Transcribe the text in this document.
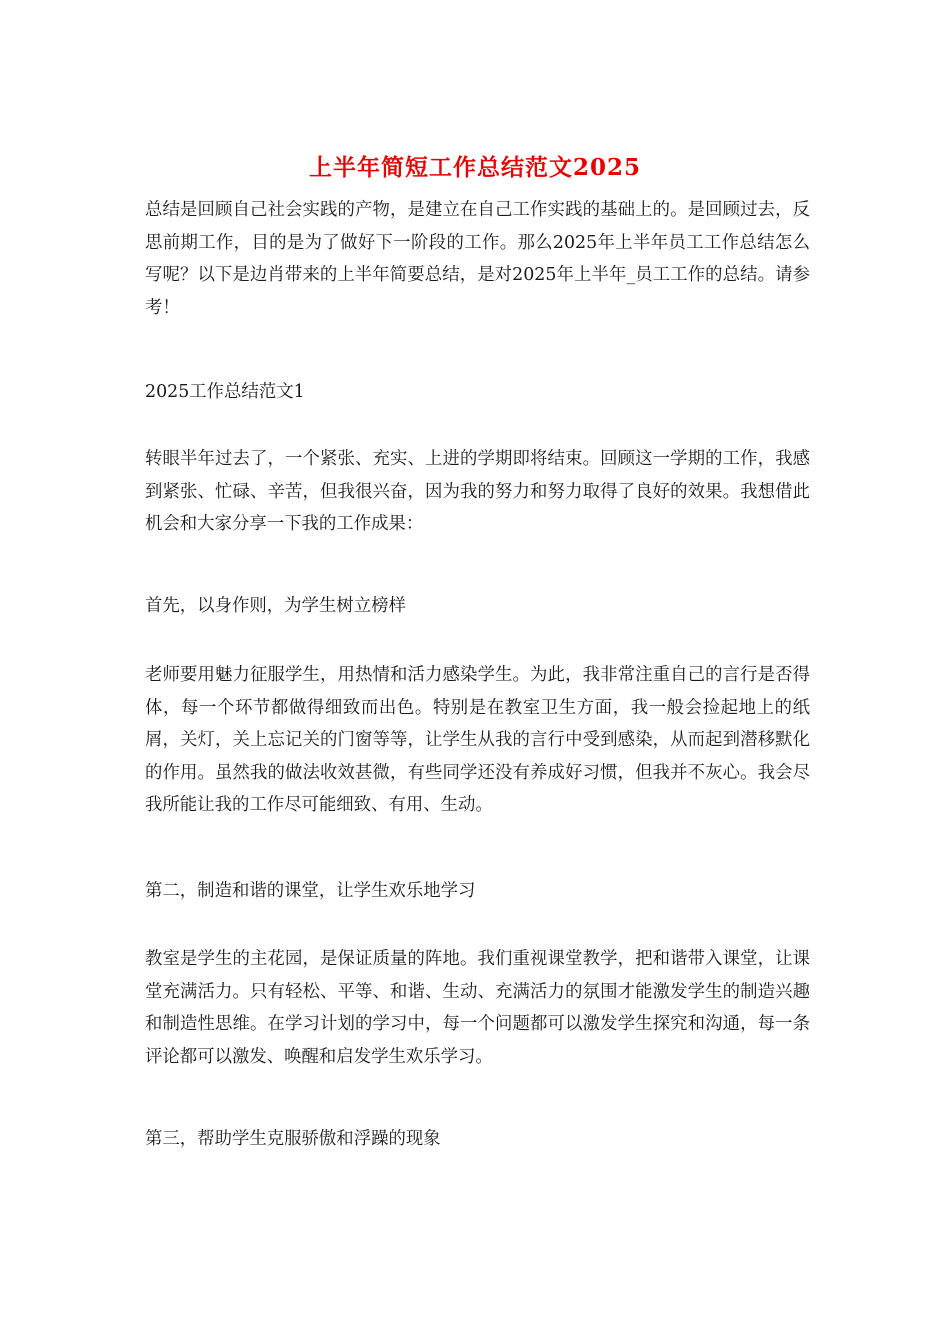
上半年简短工作总结范文2025

总结是回顾自己社会实践的产物，是建立在自己工作实践的基础上的。是回顾过去，反思前期工作，目的是为了做好下一阶段的工作。那么2025年上半年员工工作总结怎么写呢？以下是边肖带来的上半年简要总结，是对2025年上半年_员工工作的总结。请参考！

2025工作总结范文1

转眼半年过去了，一个紧张、充实、上进的学期即将结束。回顾这一学期的工作，我感到紧张、忙碌、辛苦，但我很兴奋，因为我的努力和努力取得了良好的效果。我想借此机会和大家分享一下我的工作成果：

首先，以身作则，为学生树立榜样

老师要用魅力征服学生，用热情和活力感染学生。为此，我非常注重自己的言行是否得体，每一个环节都做得细致而出色。特别是在教室卫生方面，我一般会捡起地上的纸屑，关灯，关上忘记关的门窗等等，让学生从我的言行中受到感染，从而起到潜移默化的作用。虽然我的做法收效甚微，有些同学还没有养成好习惯，但我并不灰心。我会尽我所能让我的工作尽可能细致、有用、生动。

第二，制造和谐的课堂，让学生欢乐地学习

教室是学生的主花园，是保证质量的阵地。我们重视课堂教学，把和谐带入课堂，让课堂充满活力。只有轻松、平等、和谐、生动、充满活力的氛围才能激发学生的制造兴趣和制造性思维。在学习计划的学习中，每一个问题都可以激发学生探究和沟通，每一条评论都可以激发、唤醒和启发学生欢乐学习。

第三，帮助学生克服骄傲和浮躁的现象
